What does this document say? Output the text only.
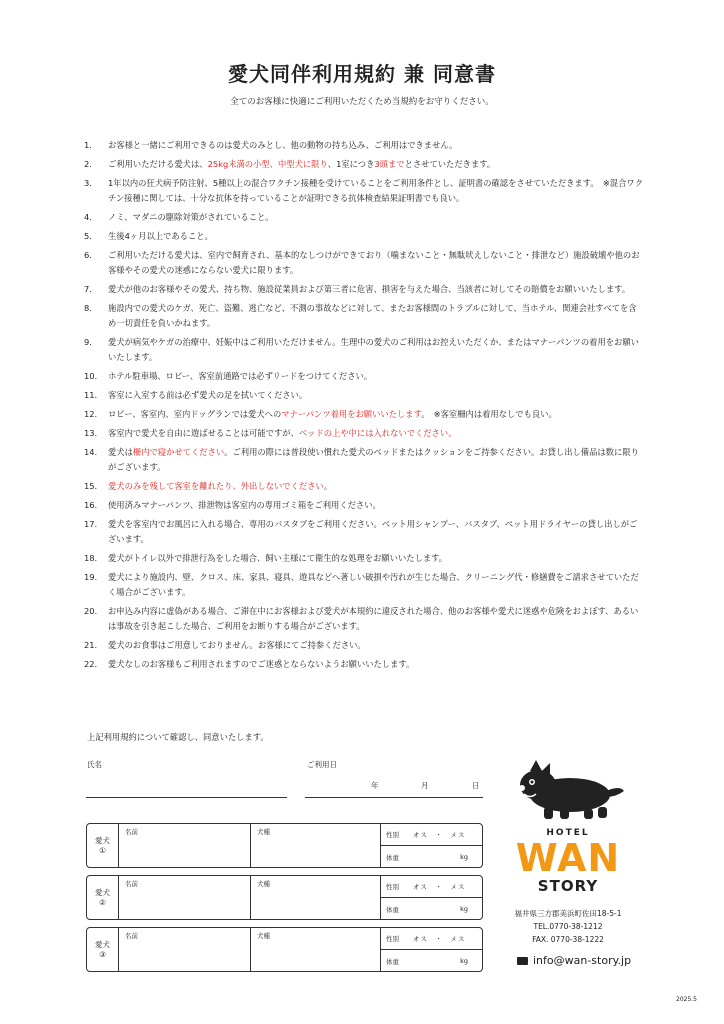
愛犬同伴利用規約 兼 同意書
全てのお客様に快適にご利用いただくため当規約をお守りください。
1.	お客様と一緒にご利用できるのは愛犬のみとし、他の動物の持ち込み、ご利用はできません。
2.	ご利用いただける愛犬は、25kg未満の小型、中型犬に限り、1室につき3頭までとさせていただきます。
3.	1年以内の狂犬病予防注射、5種以上の混合ワクチン接種を受けていることをご利用条件とし、証明書の確認をさせていただきます。　※混合ワクチン接種に関しては、十分な抗体を持っていることが証明できる抗体検査結果証明書でも良い。
4.	ノミ、マダニの駆除対策がされていること。
5.	生後4ヶ月以上であること。
6.	ご利用いただける愛犬は、室内で飼育され、基本的なしつけができており（噛まないこと・無駄吠えしないこと・排泄など）施設破壊や他のお客様やその愛犬の迷惑にならない愛犬に限ります。
7.	愛犬が他のお客様やその愛犬、持ち物、施設従業員および第三者に危害、損害を与えた場合、当該者に対してその賠償をお願いいたします。
8.	施設内での愛犬のケガ、死亡、盗難、逃亡など、不測の事故などに対して、またお客様間のトラブルに対して、当ホテル、関連会社すべてを含め一切責任を負いかねます。
9.	愛犬が病気やケガの治療中、妊娠中はご利用いただけません。生理中の愛犬のご利用はお控えいただくか、またはマナーパンツの着用をお願いいたします。
10.	ホテル駐車場、ロビー、客室前通路では必ずリードをつけてください。
11.	客室に入室する前は必ず愛犬の足を拭いてください。
12.	ロビー、客室内、室内ドッグランでは愛犬へのマナーパンツ着用をお願いいたします。　※客室柵内は着用なしでも良い。
13.	客室内で愛犬を自由に遊ばせることは可能ですが、ベッドの上や中には入れないでください。
14.	愛犬は柵内で寝かせてください。ご利用の際には普段使い慣れた愛犬のベッドまたはクッションをご持参ください。お貸し出し備品は数に限りがございます。
15.	愛犬のみを残して客室を離れたり、外出しないでください。
16.	使用済みマナーパンツ、排泄物は客室内の専用ゴミ箱をご利用ください。
17.	愛犬を客室内でお風呂に入れる場合、専用のバスタブをご利用ください。ペット用シャンプー、バスタブ、ペット用ドライヤーの貸し出しがございます。
18.	愛犬がトイレ以外で排泄行為をした場合、飼い主様にて衛生的な処理をお願いいたします。
19.	愛犬により施設内、壁、クロス、床、家具、寝具、遊具などへ著しい破損や汚れが生じた場合、クリーニング代・修繕費をご請求させていただく場合がございます。
20.	お申込み内容に虚偽がある場合、ご滞在中にお客様および愛犬が本規約に違反された場合、他のお客様や愛犬に迷惑や危険をおよぼす、あるいは事故を引き起こした場合、ご利用をお断りする場合がございます。
21.	愛犬のお食事はご用意しておりません。お客様にてご持参ください。
22.	愛犬なしのお客様もご利用されますのでご迷惑とならないようお願いいたします。
上記利用規約について確認し、同意いたします。
氏名	ご利用日
年	月	日
愛犬
①
名前	犬種	性別 オス　・　メス
体重	kg
愛犬
②
名前	犬種	性別 オス　・　メス
体重	kg
愛犬
③
名前	犬種	性別 オス　・　メス
体重	kg
HOTEL
WAN
STORY
福井県三方郡美浜町佐田18-5-1
TEL.0770-38-1212
FAX. 0770-38-1222
info@wan-story.jp
2025.5
